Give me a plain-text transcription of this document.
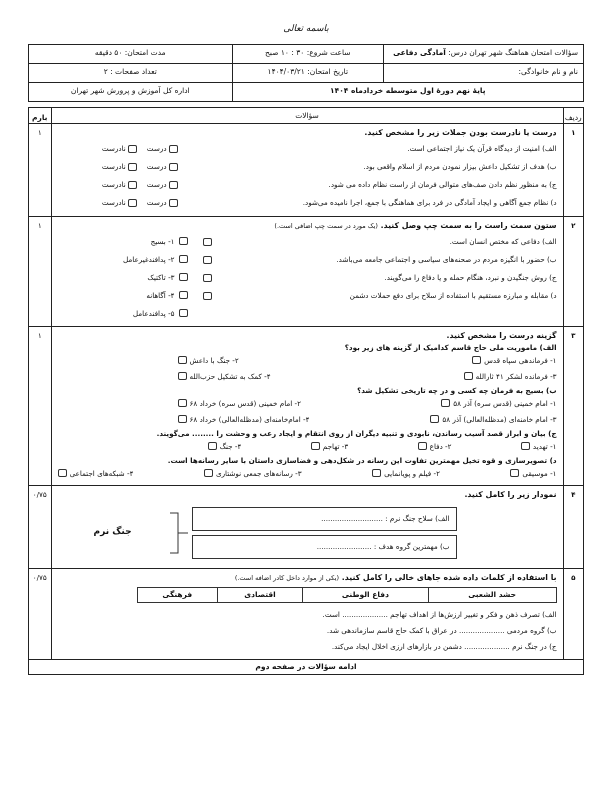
باسمه تعالی
سؤالات امتحان هماهنگ شهر تهران درس: آمادگی دفاعی	ساعت شروع: ۳۰ : ۱۰ صبح	مدت امتحان: ۵۰ دقیقه
نام و نام خانوادگی:	تاریخ امتحان: ۱۴۰۴/۰۳/۲۱	تعداد صفحات : ۲
پایهٔ نهم دورهٔ اول متوسطه خردادماه ۱۴۰۴		اداره کل آموزش و پرورش شهر تهران
ردیف	سؤالات	بارم
۱	
درست یا نادرست بودن جملات زیر را مشخص کنید.
الف) امنیت از دیدگاه قرآن یک نیاز اجتماعی است.
درست
نادرست
ب) هدف از تشکیل داعش بیزار نمودن مردم از اسلام واقعی بود.
درست
نادرست
ج) به منظور نظم دادن صف‌های متوالی فرمان از راست نظام داده می شود.
درست
نادرست
د) نظام جمع آگاهی و ایجاد آمادگی در فرد برای هماهنگی با جمع، اجرا نامیده می‌شود.
درست
نادرست
	۱
۲	
ستون سمت راست را به سمت چپ وصل کنید. (یک مورد در سمت چپ اضافی است.)
الف) دفاعی که مختص انسان است.
۱- بسیج
ب) حضور با انگیزه مردم در صحنه‌های سیاسی و اجتماعی جامعه می‌باشد.
۲- پدافندغیرعامل
ج) روش جنگیدن و نبرد، هنگام حمله و یا دفاع را می‌گویند.
۳- تاکتیک
د) مقابله و مبارزه مستقیم با استفاده از سلاح برای دفع حملات دشمن
۴- آگاهانه
۵- پدافندعامل
	۱
۳	
گزینه درست را مشخص کنید.
الف) ماموریت ملی حاج قاسم کدامیک از گزینه های زیر بود؟
۱- فرماندهی سپاه قدس
۲- جنگ با داعش
۳- فرمانده لشکر ۴۱ ثارالله
۴- کمک به تشکیل حزب‌الله
ب) بسیج به فرمان چه کسی و در چه تاریخی تشکیل شد؟
۱- امام خمینی (قدس سره) آذر ۵۸
۲- امام خمینی (قدس سره) خرداد ۶۸
۳- امام خامنه‌ای (مدظله‌العالی) آذر ۵۸
۴- امام‌خامنه‌ای (مدظله‌العالی) خرداد ۶۸
ج) بیان و ابراز قصد آسیب رساندن، نابودی و تنبیه دیگران از روی انتقام و ایجاد رعب و وحشت را ........ می‌گویند.
۱- تهدید
۲- دفاع
۳- تهاجم
۴- جنگ
د) تصویرسازی و قوه تخیل مهمترین تفاوت این رسانه در شکل‌دهی و فضاسازی داستان با سایر رسانه‌ها است.
۱- موسیقی
۲- فیلم و پویانمایی
۳- رسانه‌های جمعی نوشتاری
۴- شبکه‌های اجتماعی
	۱
۴	
نمودار زیر را کامل کنید.
الف) سلاح جنگ نرم : ...........................
ب) مهمترین گروه هدف : ........................
جنگ نرم
	۰/۷۵
۵	
با استفاده از کلمات داده شده جاهای خالی را کامل کنید. (یکی از موارد داخل کادر اضافه است.)
حشد الشعبی	دفاع الوطنی	اقتصادی	فرهنگی
الف) تصرف ذهن و فکر و تغییر ارزش‌ها از اهداف تهاجم .................... است.
ب) گروه مردمی .................... در عراق با کمک حاج قاسم سازماندهی شد.
ج) در جنگ نرم .................... دشمن در بازارهای ارزی اخلال ایجاد می‌کند.
	۰/۷۵
ادامه سؤالات در صفحه دوم
